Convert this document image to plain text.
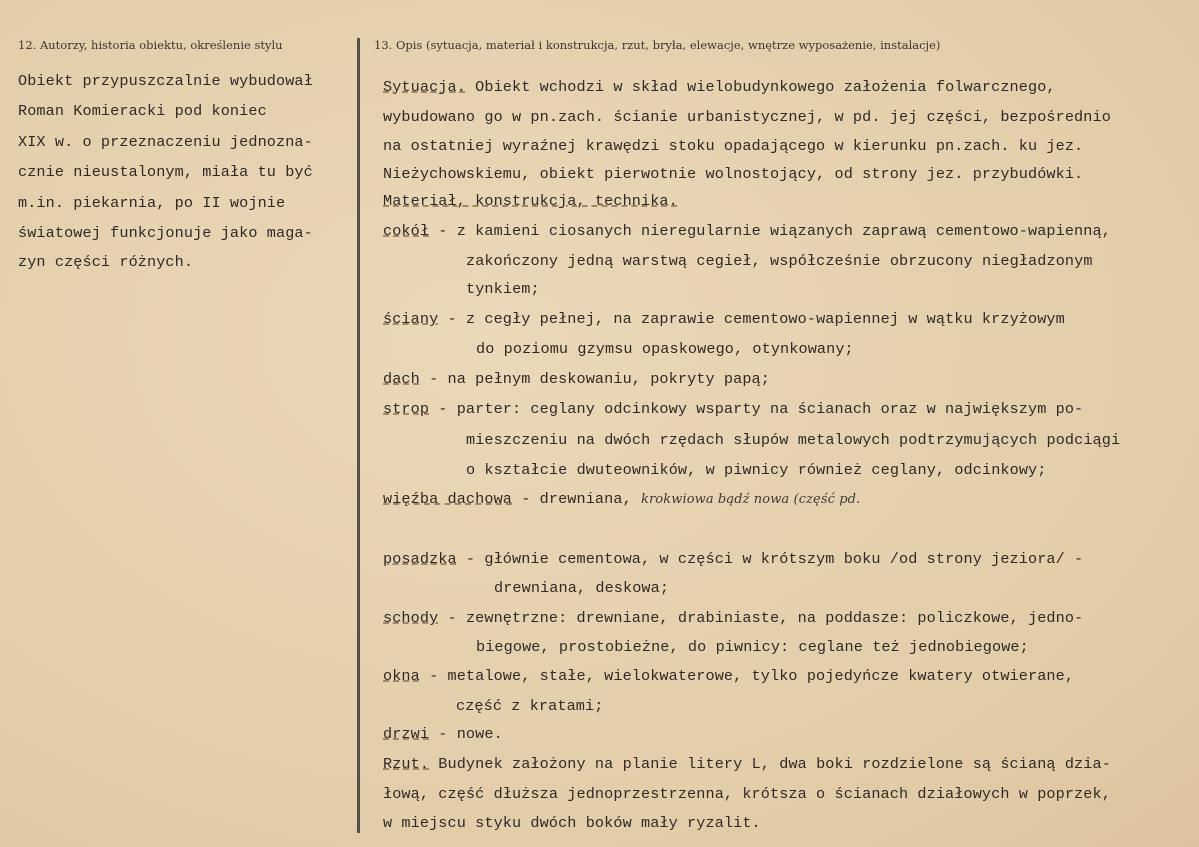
12. Autorzy, historia obiektu, określenie stylu	13. Opis (sytuacja, materiał i konstrukcja, rzut, bryła, elewacje, wnętrze wyposażenie, instalacje)
Obiekt przypuszczalnie wybudował
Roman Komieracki pod koniec
XIX w. o przeznaczeniu jednozna-
cznie nieustalonym, miała tu być
m.in. piekarnia, po II wojnie
światowej funkcjonuje jako maga-
zyn części różnych.
Sytuacja. Obiekt wchodzi w skład wielobudynkowego założenia folwarcznego,
wybudowano go w pn.zach. ścianie urbanistycznej, w pd. jej części, bezpośrednio
na ostatniej wyraźnej krawędzi stoku opadającego w kierunku pn.zach. ku jez.
Nieżychowskiemu, obiekt pierwotnie wolnostojący, od strony jez. przybudówki.
Materiał, konstrukcja, technika.
cokół - z kamieni ciosanych nieregularnie wiązanych zaprawą cementowo-wapienną,
zakończony jedną warstwą cegieł, współcześnie obrzucony niegładzonym
tynkiem;
ściany - z cegły pełnej, na zaprawie cementowo-wapiennej w wątku krzyżowym
do poziomu gzymsu opaskowego, otynkowany;
dach - na pełnym deskowaniu, pokryty papą;
strop - parter: ceglany odcinkowy wsparty na ścianach oraz w największym po-
mieszczeniu na dwóch rzędach słupów metalowych podtrzymujących podciągi
o kształcie dwuteowników, w piwnicy również ceglany, odcinkowy;
więźba dachowa - drewniana, krokwiowa bądź nowa (część pd.
posadzka - głównie cementowa, w części w krótszym boku /od strony jeziora/ -
drewniana, deskowa;
schody - zewnętrzne: drewniane, drabiniaste, na poddasze: policzkowe, jedno-
biegowe, prostobieżne, do piwnicy: ceglane też jednobiegowe;
okna - metalowe, stałe, wielokwaterowe, tylko pojedyńcze kwatery otwierane,
część z kratami;
drzwi - nowe.
Rzut. Budynek założony na planie litery L, dwa boki rozdzielone są ścianą dzia-
łową, część dłuższa jednoprzestrzenna, krótsza o ścianach działowych w poprzek,
w miejscu styku dwóch boków mały ryzalit.
